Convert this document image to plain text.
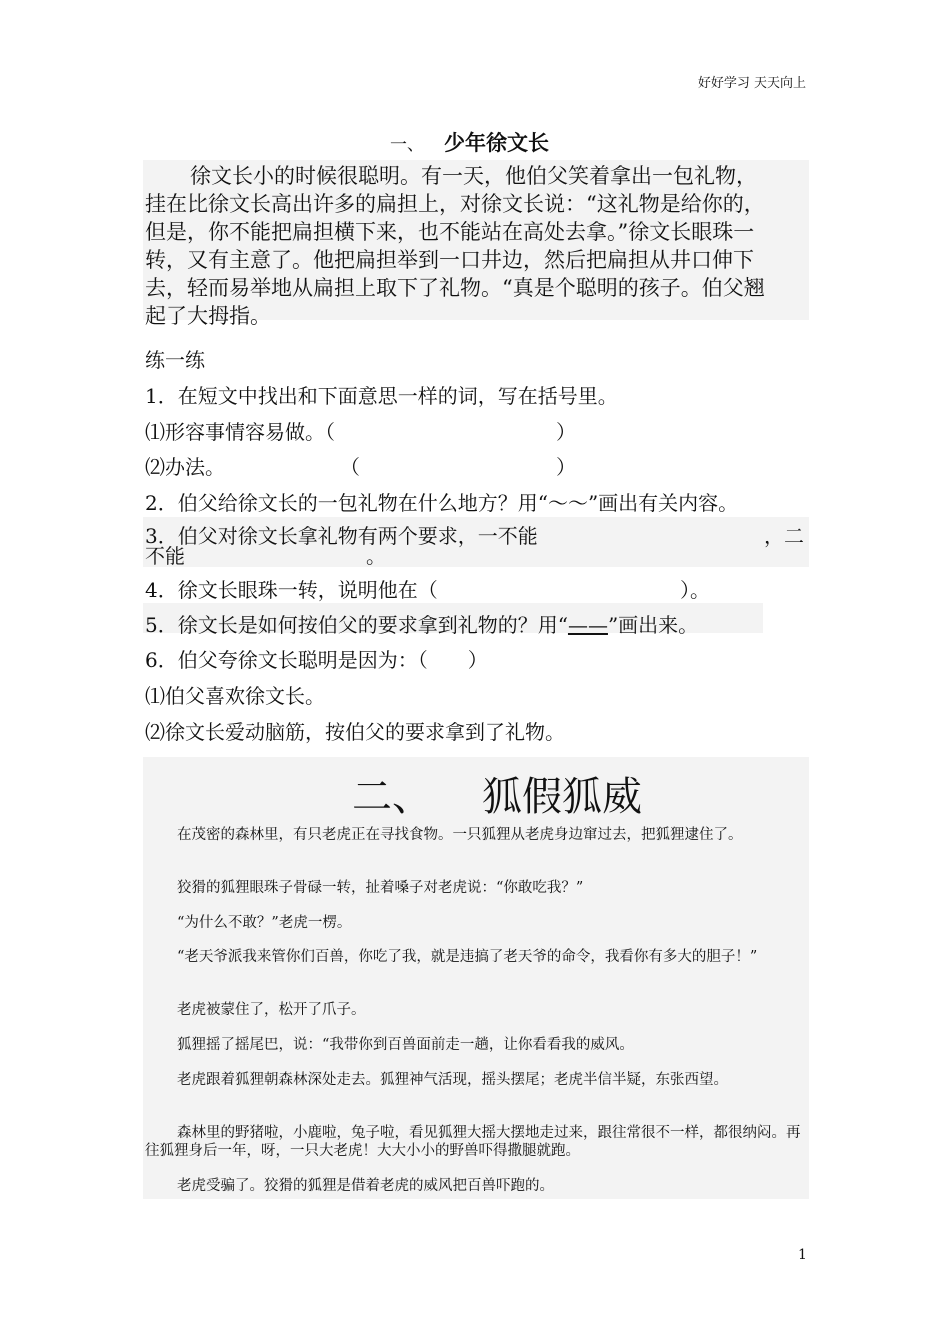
好好学习 天天向上
一、 少年徐文长
徐文长小的时候很聪明。有一天，他伯父笑着拿出一包礼物，
挂在比徐文长高出许多的扁担上，对徐文长说：“这礼物是给你的，
但是，你不能把扁担横下来，也不能站在高处去拿。”徐文长眼珠一
转，又有主意了。他把扁担举到一口井边，然后把扁担从井口伸下
去，轻而易举地从扁担上取下了礼物。“真是个聪明的孩子。伯父翘
起了大拇指。
练一练
1．在短文中找出和下面意思一样的词，写在括号里。
⑴形容事情容易做。（	）
⑵办法。	（	）
2．伯父给徐文长的一包礼物在什么地方？用“～～”画出有关内容。
3．伯父对徐文长拿礼物有两个要求，一不能	，二
不能	。
4．徐文长眼珠一转，说明他在（	）。
5．徐文长是如何按伯父的要求拿到礼物的？用“——”画出来。
6．伯父夸徐文长聪明是因为：（　　）
⑴伯父喜欢徐文长。
⑵徐文长爱动脑筋，按伯父的要求拿到了礼物。
二、 狐假狐威

在茂密的森林里，有只老虎正在寻找食物。一只狐狸从老虎身边窜过去，把狐狸逮住了。

狡猾的狐狸眼珠子骨碌一转，扯着嗓子对老虎说：“你敢吃我？”

“为什么不敢？”老虎一楞。

“老天爷派我来管你们百兽，你吃了我，就是违搞了老天爷的命令，我看你有多大的胆子！”

老虎被蒙住了，松开了爪子。

狐狸摇了摇尾巴，说：“我带你到百兽面前走一趟，让你看看我的威风。

老虎跟着狐狸朝森林深处走去。狐狸神气活现，摇头摆尾；老虎半信半疑，东张西望。

森林里的野猪啦，小鹿啦，兔子啦，看见狐狸大摇大摆地走过来，跟往常很不一样，都很纳闷。再往狐狸身后一年，呀，一只大老虎！大大小小的野兽吓得撒腿就跑。

老虎受骗了。狡猾的狐狸是借着老虎的威风把百兽吓跑的。

1
